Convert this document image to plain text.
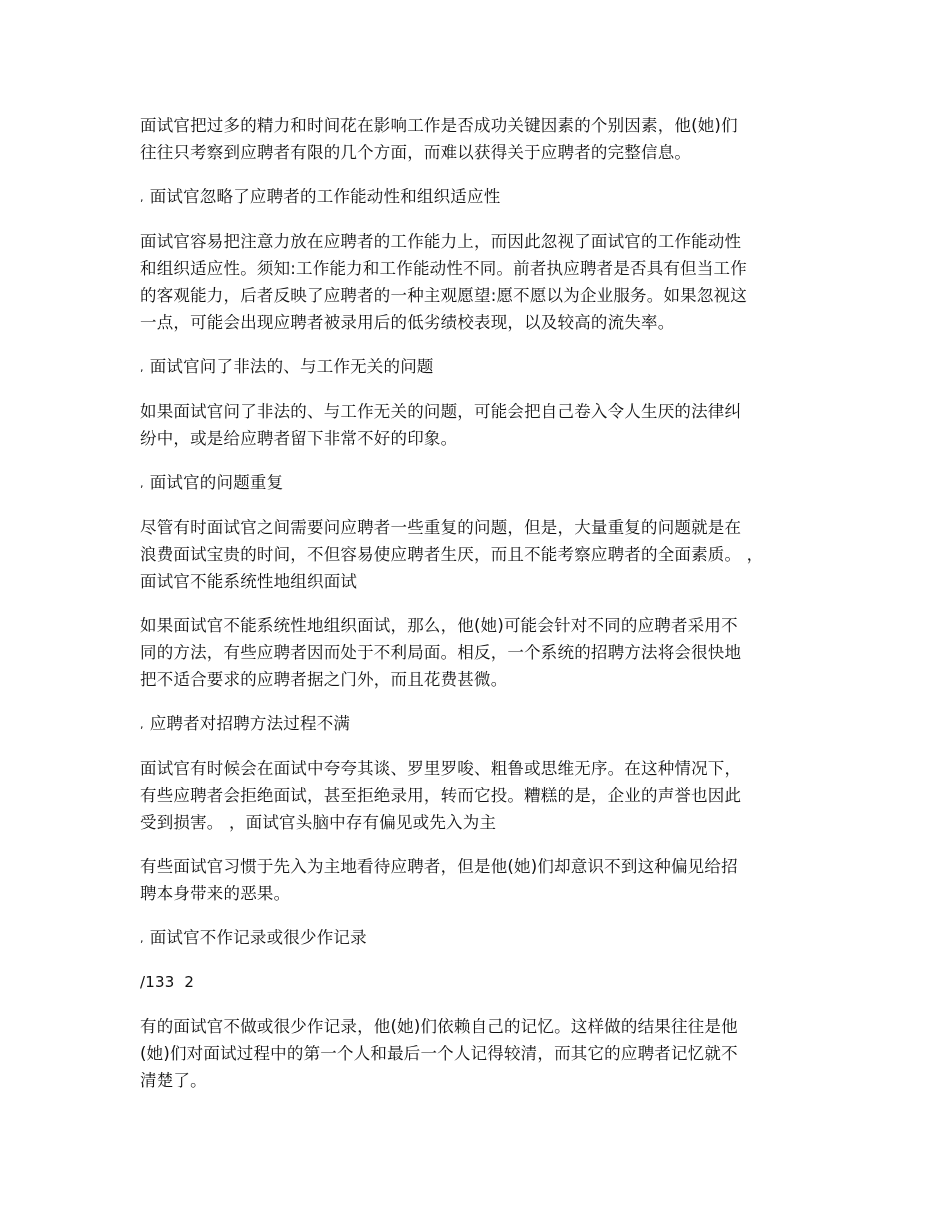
面试官把过多的精力和时间花在影响工作是否成功关键因素的个别因素，他(她)们
往往只考察到应聘者有限的几个方面，而难以获得关于应聘者的完整信息。

, 面试官忽略了应聘者的工作能动性和组织适应性

面试官容易把注意力放在应聘者的工作能力上，而因此忽视了面试官的工作能动性
和组织适应性。须知:工作能力和工作能动性不同。前者执应聘者是否具有但当工作
的客观能力，后者反映了应聘者的一种主观愿望:愿不愿以为企业服务。如果忽视这
一点，可能会出现应聘者被录用后的低劣绩校表现，以及较高的流失率。

, 面试官问了非法的、与工作无关的问题

如果面试官问了非法的、与工作无关的问题，可能会把自己卷入令人生厌的法律纠
纷中，或是给应聘者留下非常不好的印象。

, 面试官的问题重复

尽管有时面试官之间需要问应聘者一些重复的问题，但是，大量重复的问题就是在
浪费面试宝贵的时间，不但容易使应聘者生厌，而且不能考察应聘者的全面素质。 ，
面试官不能系统性地组织面试

如果面试官不能系统性地组织面试，那么，他(她)可能会针对不同的应聘者采用不
同的方法，有些应聘者因而处于不利局面。相反，一个系统的招聘方法将会很快地
把不适合要求的应聘者据之门外，而且花费甚微。

, 应聘者对招聘方法过程不满

面试官有时候会在面试中夸夸其谈、罗里罗唆、粗鲁或思维无序。在这种情况下，
有些应聘者会拒绝面试，甚至拒绝录用，转而它投。糟糕的是，企业的声誉也因此
受到损害。 ，面试官头脑中存有偏见或先入为主

有些面试官习惯于先入为主地看待应聘者，但是他(她)们却意识不到这种偏见给招
聘本身带来的恶果。

, 面试官不作记录或很少作记录

/133  2

有的面试官不做或很少作记录，他(她)们依赖自己的记忆。这样做的结果往往是他
(她)们对面试过程中的第一个人和最后一个人记得较清，而其它的应聘者记忆就不
清楚了。
